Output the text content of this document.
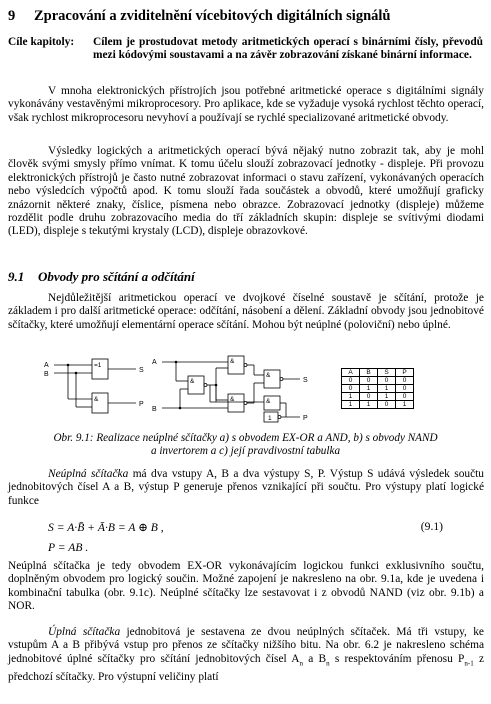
9 Zpracování a zviditelnění vícebitových digitálních signálů
Cíle kapitoly: Cílem je prostudovat metody aritmetických operací s binárními čísly, převodů mezi kódovými soustavami a na závěr zobrazování získané binární informace.

V mnoha elektronických přístrojích jsou potřebné aritmetické operace s digitálními signály vykonávány vestavěnými mikroprocesory. Pro aplikace, kde se vyžaduje vysoká rychlost těchto operací, však rychlost mikroprocesoru nevyhoví a používají se rychlé specializované aritmetické obvody.

Výsledky logických a aritmetických operací bývá nějaký nutno zobrazit tak, aby je mohl člověk svými smysly přímo vnímat. K tomu účelu slouží zobrazovací jednotky - displeje. Při provozu elektronických přístrojů je často nutné zobrazovat informaci o stavu zařízení, vykonávaných operacích nebo výsledcích výpočtů apod. K tomu slouží řada součástek a obvodů, které umožňují graficky znázornit některé znaky, číslice, písmena nebo obrazce. Zobrazovací jednotky (displeje) můžeme rozdělit podle druhu zobrazovacího media do tří základních skupin: displeje se svítivými diodami (LED), displeje s tekutými krystaly (LCD), displeje obrazovkové.

9.1 Obvody pro sčítání a odčítání

Nejdůležitější aritmetickou operací ve dvojkové číselné soustavě je sčítání, protože je základem i pro další aritmetické operace: odčítání, násobení a dělení. Základní obvody jsou jednobitové sčítačky, které umožňují elementární operace sčítání. Mohou být neúplné (poloviční) nebo úplné.

A
B
=1
&
S
P
A
B
&
&
&
&
&
1
S
P
A	B	S	P
0	0	0	0
0	1	1	0
1	0	1	0
1	1	0	1
Obr. 9.1: Realizace neúplné sčítačky a) s obvodem EX-OR a AND, b) s obvody NAND
a invertorem a c) její pravdivostní tabulka

Neúplná sčítačka má dva vstupy A, B a dva výstupy S, P. Výstup S udává výsledek součtu jednobitových čísel A a B, výstup P generuje přenos vznikající při součtu. Pro výstupy platí logické funkce

S = A·B̄ + Ā·B = A ⊕ B ,	(9.1)
P = AB .

Neúplná sčítačka je tedy obvodem EX-OR vykonávajícím logickou funkci exklusivního součtu, doplněným obvodem pro logický součin. Možné zapojení je nakresleno na obr. 9.1a, kde je uvedena i kombinační tabulka (obr. 9.1c). Neúplné sčítačky lze sestavovat i z obvodů NAND (viz obr. 9.1b) a NOR.

Úplná sčítačka jednobitová je sestavena ze dvou neúplných sčítaček. Má tři vstupy, ke vstupům A a B přibývá vstup pro přenos ze sčítačky nižšího bitu. Na obr. 6.2 je nakresleno schéma jednobitové úplné sčítačky pro sčítání jednobitových čísel $A_n$ a $B_n$ s respektováním přenosu $P_{n-1}$ z předchozí sčítačky. Pro výstupní veličiny platí
